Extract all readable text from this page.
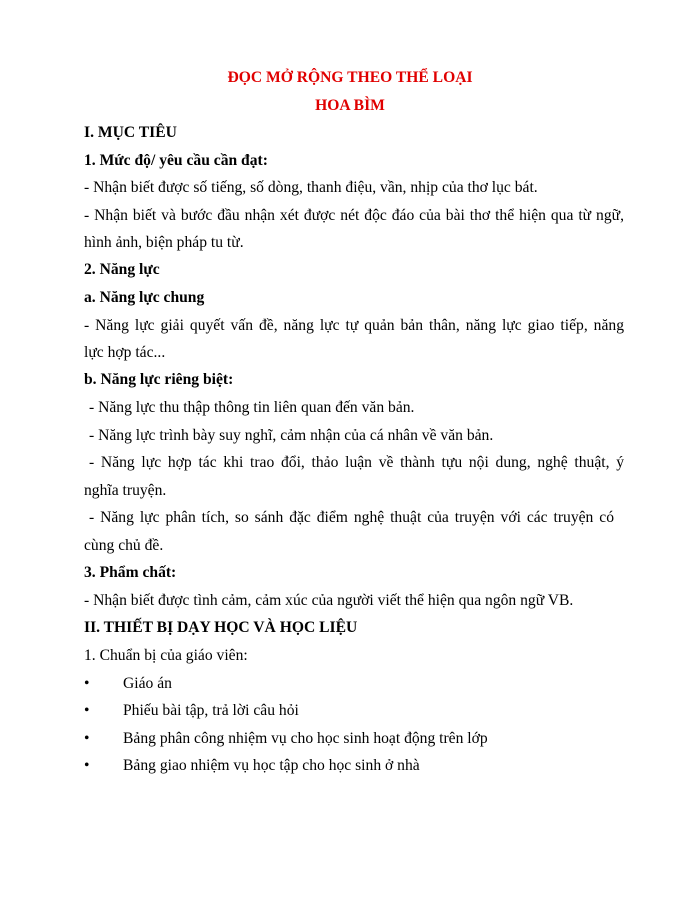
ĐỌC MỞ RỘNG THEO THỂ LOẠI
HOA BÌM
I. MỤC TIÊU
1. Mức độ/ yêu cầu cần đạt:
- Nhận biết được số tiếng, số dòng, thanh điệu, vần, nhịp của thơ lục bát.
- Nhận biết và bước đầu nhận xét được nét độc đáo của bài thơ thể hiện qua từ ngữ,
hình ảnh, biện pháp tu từ.
2. Năng lực
a. Năng lực chung
- Năng lực giải quyết vấn đề, năng lực tự quản bản thân, năng lực giao tiếp, năng
lực hợp tác...
b. Năng lực riêng biệt:
- Năng lực thu thập thông tin liên quan đến văn bản.
- Năng lực trình bày suy nghĩ, cảm nhận của cá nhân về văn bản.
- Năng lực hợp tác khi trao đổi, thảo luận về thành tựu nội dung, nghệ thuật, ý
nghĩa truyện.
- Năng lực phân tích, so sánh đặc điểm nghệ thuật của truyện với các truyện có
cùng chủ đề.
3. Phẩm chất:
- Nhận biết được tình cảm, cảm xúc của người viết thể hiện qua ngôn ngữ VB.
II. THIẾT BỊ DẠY HỌC VÀ HỌC LIỆU
1. Chuẩn bị của giáo viên:
• Giáo án
• Phiếu bài tập, trả lời câu hỏi
• Bảng phân công nhiệm vụ cho học sinh hoạt động trên lớp
• Bảng giao nhiệm vụ học tập cho học sinh ở nhà
